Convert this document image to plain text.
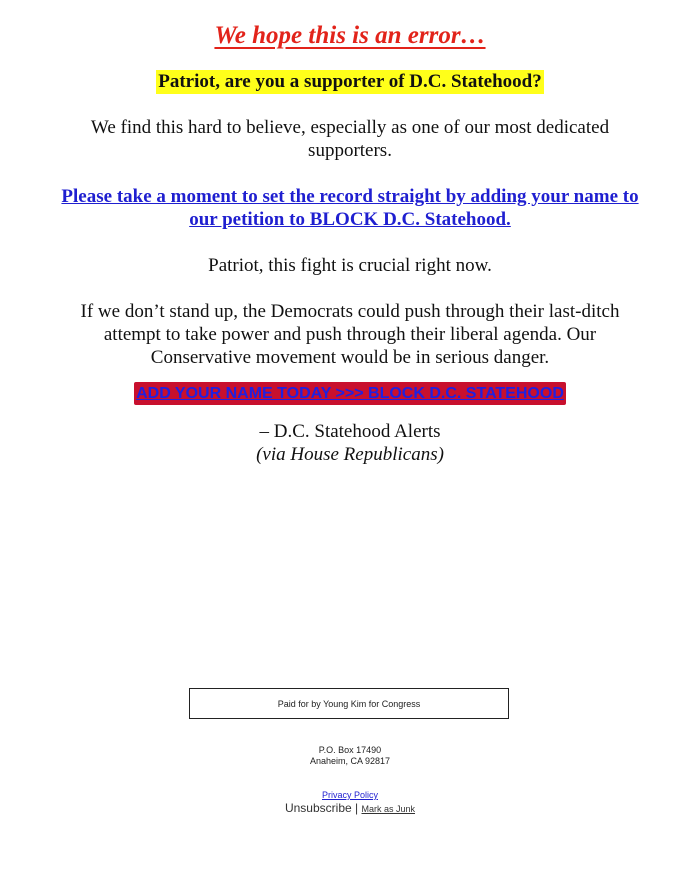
We hope this is an error…
Patriot, are you a supporter of D.C. Statehood?

We find this hard to believe, especially as one of our most dedicated supporters.

Please take a moment to set the record straight by adding your name to our petition to BLOCK D.C. Statehood.

Patriot, this fight is crucial right now.

If we don’t stand up, the Democrats could push through their last-ditch attempt to take power and push through their liberal agenda. Our Conservative movement would be in serious danger.

ADD YOUR NAME TODAY >>> BLOCK D.C. STATEHOOD
– D.C. Statehood Alerts
(via House Republicans)
Paid for by Young Kim for Congress
P.O. Box 17490
Anaheim, CA 92817
Privacy Policy
Unsubscribe | Mark as Junk
